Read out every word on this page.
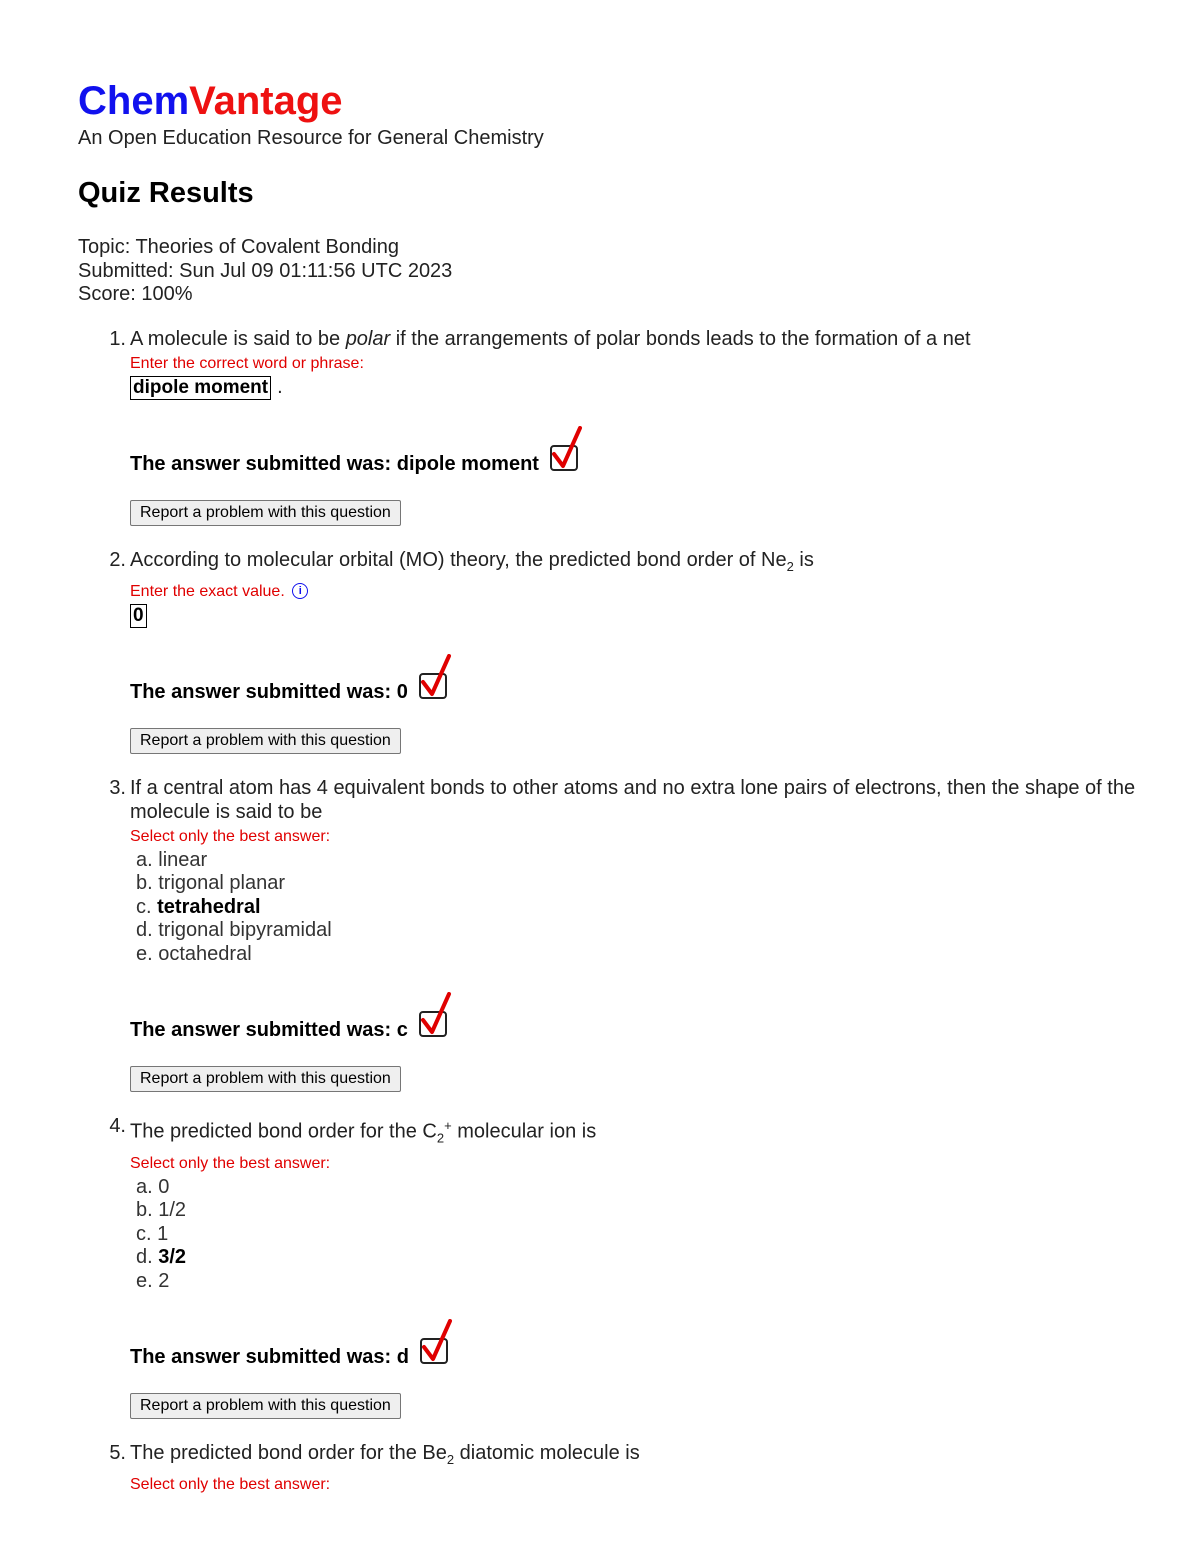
ChemVantage
An Open Education Resource for General Chemistry
Quiz Results
Topic: Theories of Covalent Bonding
Submitted: Sun Jul 09 01:11:56 UTC 2023
Score: 100%
1. A molecule is said to be polar if the arrangements of polar bonds leads to the formation of a net
Enter the correct word or phrase:
dipole moment .
The answer submitted was: dipole moment
Report a problem with this question
2. According to molecular orbital (MO) theory, the predicted bond order of $Ne_2$ is
Enter the exact value. i
0
The answer submitted was: 0
Report a problem with this question
3. If a central atom has 4 equivalent bonds to other atoms and no extra lone pairs of electrons, then the shape of the molecule is said to be
Select only the best answer:
a. linear
b. trigonal planar
c. tetrahedral
d. trigonal bipyramidal
e. octahedral
The answer submitted was: c
Report a problem with this question
4. The predicted bond order for the $C_2^+$ molecular ion is
Select only the best answer:
a. 0
b. 1/2
c. 1
d. 3/2
e. 2
The answer submitted was: d
Report a problem with this question
5. The predicted bond order for the $Be_2$ diatomic molecule is
Select only the best answer:
